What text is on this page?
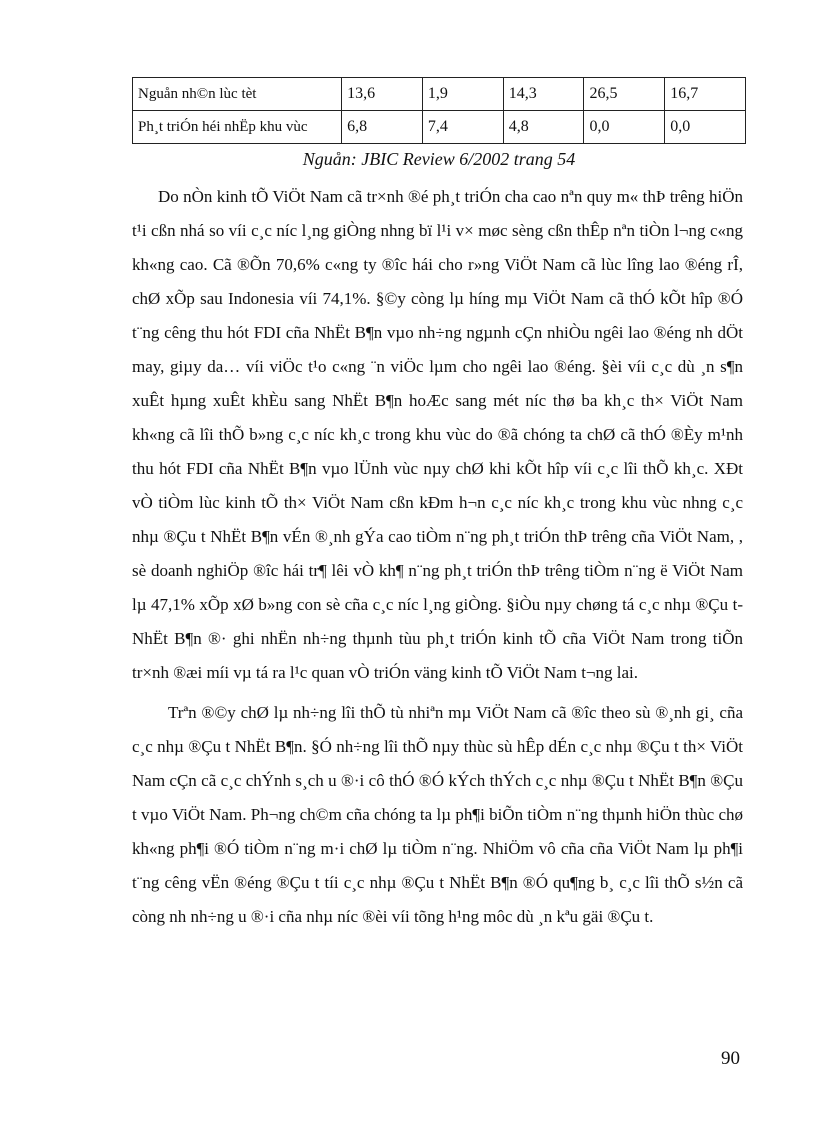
Nguån nh©n lùc tèt	13,6	1,9	14,3	26,5	16,7
Ph¸t triÓn héi nhËp khu vùc	6,8	7,4	4,8	0,0	0,0
Nguån: JBIC Review 6/2002 trang 54

Do nÒn kinh tÕ ViÖt Nam cã tr×nh ®é ph¸t triÓn cha cao nªn quy m« thÞ trêng hiÖn t¹i cßn nhá so víi c¸c níc l¸ng giÒng nhng bï l¹i v× møc sèng cßn thÊp nªn tiÒn l¬ng c«ng kh«ng cao. Cã ®Õn 70,6% c«ng ty ®îc hái cho r»ng ViÖt Nam cã lùc lîng lao ®éng rÎ, chØ xÕp sau Indonesia víi 74,1%. §©y còng lµ híng mµ ViÖt Nam cã thÓ kÕt hîp ®Ó t¨ng cêng thu hót FDI cña NhËt B¶n vµo nh÷ng ngµnh cÇn nhiÒu ngêi lao ®éng nh dÖt may, giµy da… víi viÖc t¹o c«ng ¨n viÖc lµm cho ngêi lao ®éng. §èi víi c¸c dù ¸n s¶n xuÊt hµng xuÊt khÈu sang NhËt B¶n hoÆc sang mét níc thø ba kh¸c th× ViÖt Nam kh«ng cã lîi thÕ b»ng c¸c níc kh¸c trong khu vùc do ®ã chóng ta chØ cã thÓ ®Èy m¹nh thu hót FDI cña NhËt B¶n vµo lÜnh vùc nµy chØ khi kÕt hîp víi c¸c lîi thÕ kh¸c. XÐt vÒ tiÒm lùc kinh tÕ th× ViÖt Nam cßn kÐm h¬n c¸c níc kh¸c trong khu vùc nhng c¸c nhµ ®Çu t NhËt B¶n vÉn ®¸nh gÝa cao tiÒm n¨ng ph¸t triÓn thÞ trêng cña ViÖt Nam, , sè doanh nghiÖp ®îc hái tr¶ lêi vÒ kh¶ n¨ng ph¸t triÓn thÞ trêng tiÒm n¨ng ë ViÖt Nam lµ 47,1% xÕp xØ b»ng con sè cña c¸c níc l¸ng giÒng. §iÒu nµy chøng tá c¸c nhµ ®Çu t NhËt B¶n ®· ghi nhËn nh÷ng thµnh tùu ph¸t triÓn kinh tÕ cña ViÖt Nam trong tiÕn tr×nh ®æi míi vµ tá ra l¹c quan vÒ triÓn väng kinh tÕ ViÖt Nam t¬ng lai.

Trªn ®©y chØ lµ nh÷ng lîi thÕ tù nhiªn mµ ViÖt Nam cã ®îc theo sù ®¸nh gi¸ cña c¸c nhµ ®Çu t NhËt B¶n. §Ó nh÷ng lîi thÕ nµy thùc sù hÊp dÉn c¸c nhµ ®Çu t th× ViÖt Nam cÇn cã c¸c chÝnh s¸ch u ®·i cô thÓ ®Ó kÝch thÝch c¸c nhµ ®Çu t NhËt B¶n ®Çu t vµo ViÖt Nam. Ph¬ng ch©m cña chóng ta lµ ph¶i biÕn tiÒm n¨ng thµnh hiÖn thùc chø kh«ng ph¶i ®Ó tiÒm n¨ng m·i chØ lµ tiÒm n¨ng. NhiÖm vô cña cña ViÖt Nam lµ ph¶i t¨ng cêng vËn ®éng ®Çu t tíi c¸c nhµ ®Çu t NhËt B¶n ®Ó qu¶ng b¸ c¸c lîi thÕ s½n cã còng nh nh÷ng u ®·i cña nhµ níc ®èi víi tõng h¹ng môc dù ¸n kªu gäi ®Çu t.

90
